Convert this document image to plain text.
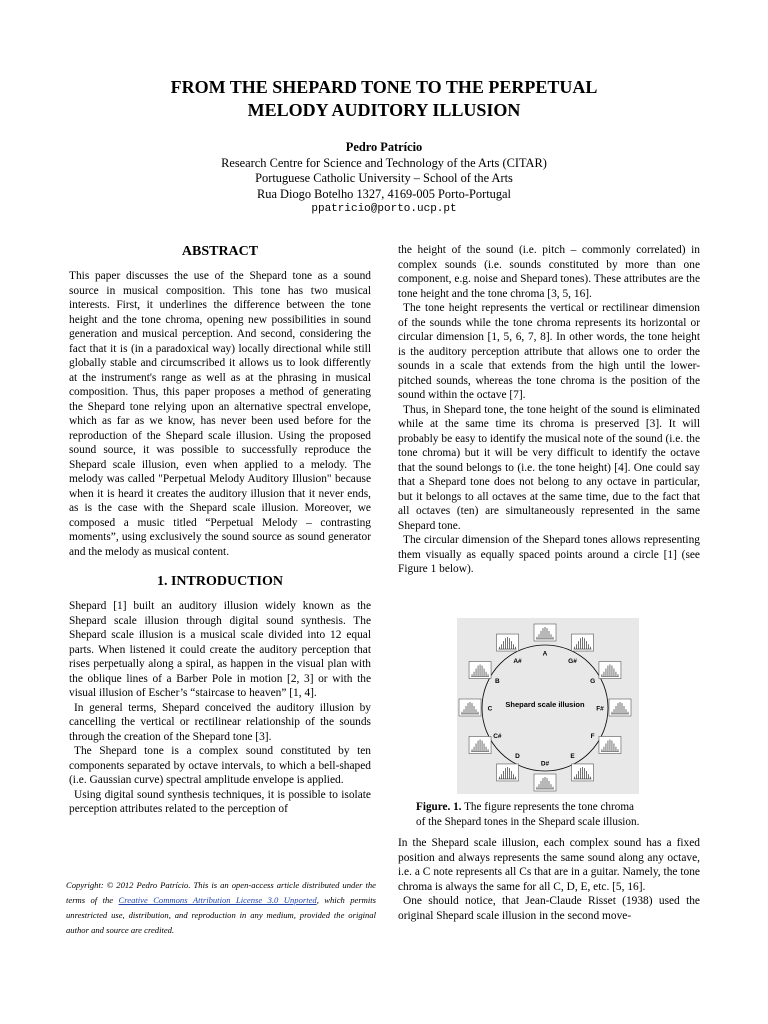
FROM THE SHEPARD TONE TO THE PERPETUAL
MELODY AUDITORY ILLUSION
Pedro Patrício
Research Centre for Science and Technology of the Arts (CITAR)
Portuguese Catholic University – School of the Arts
Rua Diogo Botelho 1327, 4169-005 Porto-Portugal
ppatricio@porto.ucp.pt
ABSTRACT

This paper discusses the use of the Shepard tone as a sound source in musical composition. This tone has two musical interests. First, it underlines the difference between the tone height and the tone chroma, opening new possibilities in sound generation and musical perception. And second, considering the fact that it is (in a paradoxical way) locally directional while still globally stable and circumscribed it allows us to look differently at the instrument's range as well as at the phrasing in musical composition. Thus, this paper proposes a method of generating the Shepard tone relying upon an alternative spectral envelope, which as far as we know, has never been used before for the reproduction of the Shepard scale illusion. Using the proposed sound source, it was possible to successfully reproduce the Shepard scale illusion, even when applied to a melody. The melody was called "Perpetual Melody Auditory Illusion" because when it is heard it creates the auditory illusion that it never ends, as is the case with the Shepard scale illusion. Moreover, we composed a music titled “Perpetual Melody – contrasting moments”, using exclusively the sound source as sound generator and the melody as musical content.

1. INTRODUCTION

Shepard [1] built an auditory illusion widely known as the Shepard scale illusion through digital sound synthesis. The Shepard scale illusion is a musical scale divided into 12 equal parts. When listened it could create the auditory perception that rises perpetually along a spiral, as happen in the visual plan with the oblique lines of a Barber Pole in motion [2, 3] or with the visual illusion of Escher’s “staircase to heaven” [1, 4].

In general terms, Shepard conceived the auditory illusion by cancelling the vertical or rectilinear relationship of the sounds through the creation of the Shepard tone [3].

The Shepard tone is a complex sound constituted by ten components separated by octave intervals, to which a bell-shaped (i.e. Gaussian curve) spectral amplitude envelope is applied.

Using digital sound synthesis techniques, it is possible to isolate perception attributes related to the perception of

Copyright: © 2012 Pedro Patrício. This is an open-access article distributed under the terms of the Creative Commons Attribution License 3.0 Unported, which permits unrestricted use, distribution, and reproduction in any medium, provided the original author and source are credited.

the height of the sound (i.e. pitch – commonly correlated) in complex sounds (i.e. sounds constituted by more than one component, e.g. noise and Shepard tones). These attributes are the tone height and the tone chroma [3, 5, 16].

The tone height represents the vertical or rectilinear dimension of the sounds while the tone chroma represents its horizontal or circular dimension [1, 5, 6, 7, 8]. In other words, the tone height is the auditory perception attribute that allows one to order the sounds in a scale that extends from the high until the lower-pitched sounds, whereas the tone chroma is the position of the sound within the octave [7].

Thus, in Shepard tone, the tone height of the sound is eliminated while at the same time its chroma is preserved [3]. It will probably be easy to identify the musical note of the sound (i.e. the tone chroma) but it will be very difficult to identify the octave that the sound belongs to (i.e. the tone height) [4]. One could say that a Shepard tone does not belong to any octave in particular, but it belongs to all octaves at the same time, due to the fact that all octaves (ten) are simultaneously represented in the same Shepard tone.

The circular dimension of the Shepard tones allows representing them visually as equally spaced points around a circle [1] (see Figure 1 below).

Shepard scale illusion
A
G#
G
F#
F
E
D#
D
C#
C
B
A#
Figure. 1. The figure represents the tone chroma
of the Shepard tones in the Shepard scale illusion.

In the Shepard scale illusion, each complex sound has a fixed position and always represents the same sound along any octave, i.e. a C note represents all Cs that are in a guitar. Namely, the tone chroma is always the same for all C, D, E, etc. [5, 16].

One should notice, that Jean-Claude Risset (1938) used the original Shepard scale illusion in the second move-
